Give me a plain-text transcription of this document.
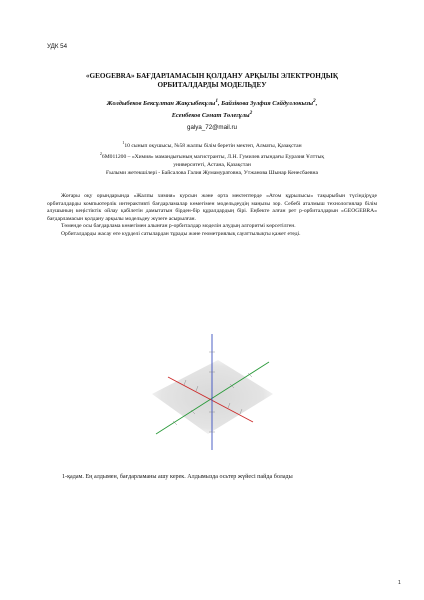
УДК 54
«GEOGEBRA» БАҒДАРЛАМАСЫН ҚОЛДАНУ АРҚЫЛЫ ЭЛЕКТРОНДЫҚ
ОРБИТАЛДАРДЫ МОДЕЛЬДЕУ
Жолдыбеков Бексұлтан Жақсыбекұлы$^1$, Байзікова Зулфия Сәйдуллокызы$^2$,
Есенбеков Сәмат Төлегұлы$^2$
galya_72@mail.ru
$^1$10 сынып оқушысы, №58 жалпы білім беретін мектеп, Алматы, Қазақстан
$^2$6М011200 – «Химия» мамандығының магистранты, Л.Н. Гумилев атындағы Еуразия Ұлттық
университеті, Астана, Қазақстан
Ғылыми жетекшілері - Байсалова Галия Жумамуратовна, Утжанова Шынар Кенесбаевна

Жоғары оқу орындарында «Жалпы химия» курсын және орта мектептерде «Атом құрылысы» тақырыбын түсіндірүде орбиталдарды компьютерлік интерактивті бағдарламалар көмегімен модельдеудің маңызы зор. Себебі аталмыш технологиялар білім алушының кеңістіктік ойлау қабілетін дамытатын бірден-бір құралдардың бірі. Еңбекте алған рет р-орбиталдарын «GEOGEBRA» бағдарламасын қолдану арқылы модельдеу жүзеге асырылған.

Төменде осы бағдарлама көмегімен алынған р-орбиталдар моделін алудың алгоритмі көрсетілген.

Орбиталдарды жасау өте күрделі сатылардан тұрады және геометриялық сауаттылықты қажет етеді.

1-қадам. Ең алдымен, бағдарламаны ашу керек. Алдымызда осьтер жүйесі пайда болады
1
